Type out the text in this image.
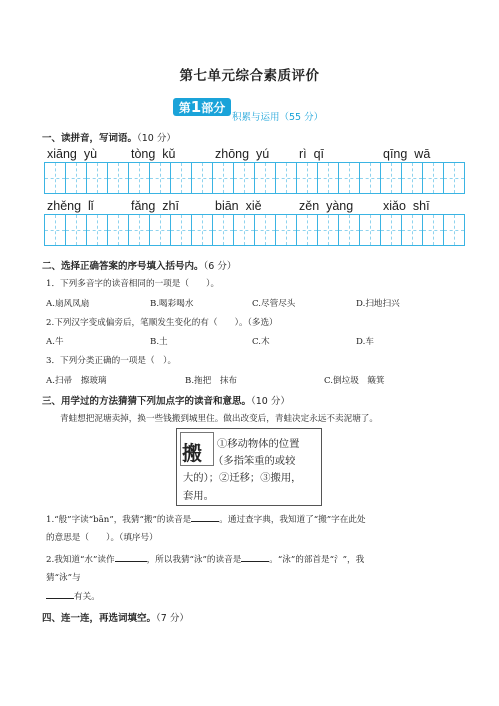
第七单元综合素质评价
第1部分
积累与运用（55 分）
一、读拼音，写词语。（10 分）
xiāng yù	tòng kǔ	zhōng yú rì qī	qīng wā
zhěng lǐ	fǎng zhī	biān xiě	zěn yàng xiǎo shī
二、选择正确答案的序号填入括号内。（6 分）
1．下列多音字的读音相同的一项是（　　）。
A.扇风凤扇	B.喝彩喝水	C.尽管尽头	D.扫地扫兴
2.下列汉字变成偏旁后，笔顺发生变化的有（　　）。（多选）
A.牛	B.土	C.木	D.车
3．下列分类正确的一项是（　）。
A.扫帚　擦玻璃	B.拖把　抹布	C.倒垃圾　簸箕
三、用学过的方法猜猜下列加点字的读音和意思。（10 分）
青蛙想把泥塘卖掉，换一些钱搬到城里住。做出改变后，青蛙决定永远不卖泥塘了。
搬 ①移动物体的位置
（多指笨重的或较
大的）；②迁移；③搬用，
套用。
1.“般”字读“bān”，我猜“搬”的读音是	。通过查字典，我知道了“搬”字在此处
的意思是（　　）。（填序号）
2.我知道“水”读作	，所以我猜“泳”的读音是	。“泳”的部首是“氵”，我
猜“泳”与
有关。
四、连一连，再选词填空。（7 分）
